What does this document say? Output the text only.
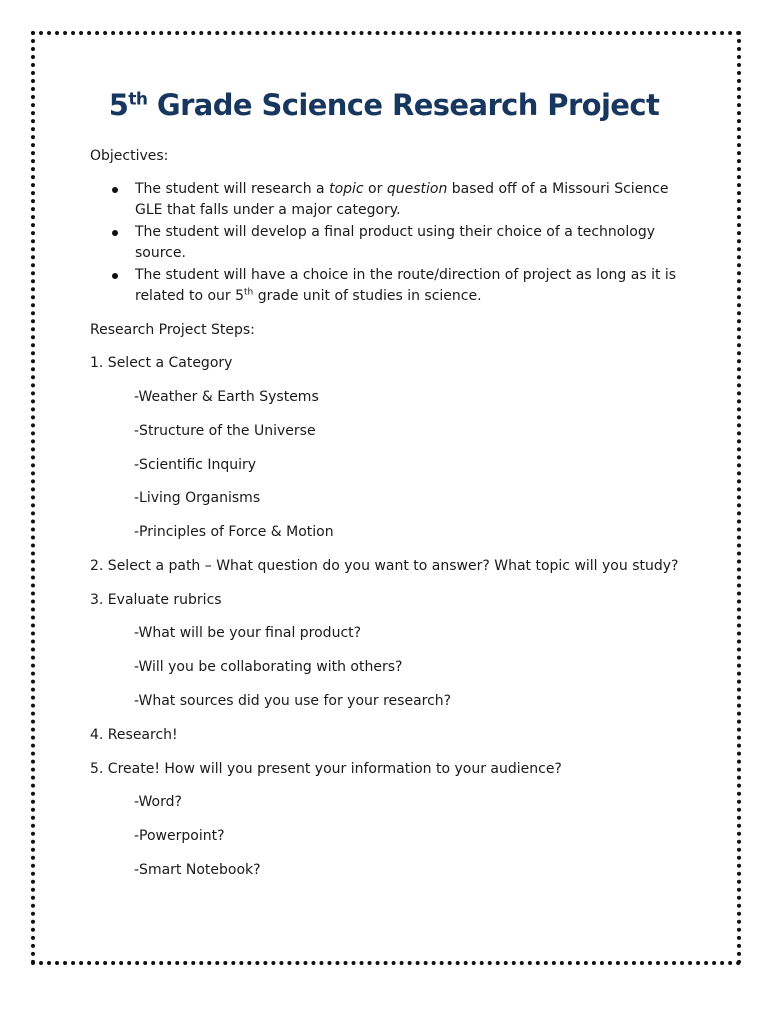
5th Grade Science Research Project

Objectives:

The student will research a topic or question based off of a Missouri Science GLE that falls under a major category.
The student will develop a final product using their choice of a technology source.
The student will have a choice in the route/direction of project as long as it is related to our 5th grade unit of studies in science.

Research Project Steps:

1. Select a Category

-Weather & Earth Systems

-Structure of the Universe

-Scientific Inquiry

-Living Organisms

-Principles of Force & Motion

2. Select a path – What question do you want to answer? What topic will you study?

3. Evaluate rubrics

-What will be your final product?

-Will you be collaborating with others?

-What sources did you use for your research?

4. Research!

5. Create! How will you present your information to your audience?

-Word?

-Powerpoint?

-Smart Notebook?
